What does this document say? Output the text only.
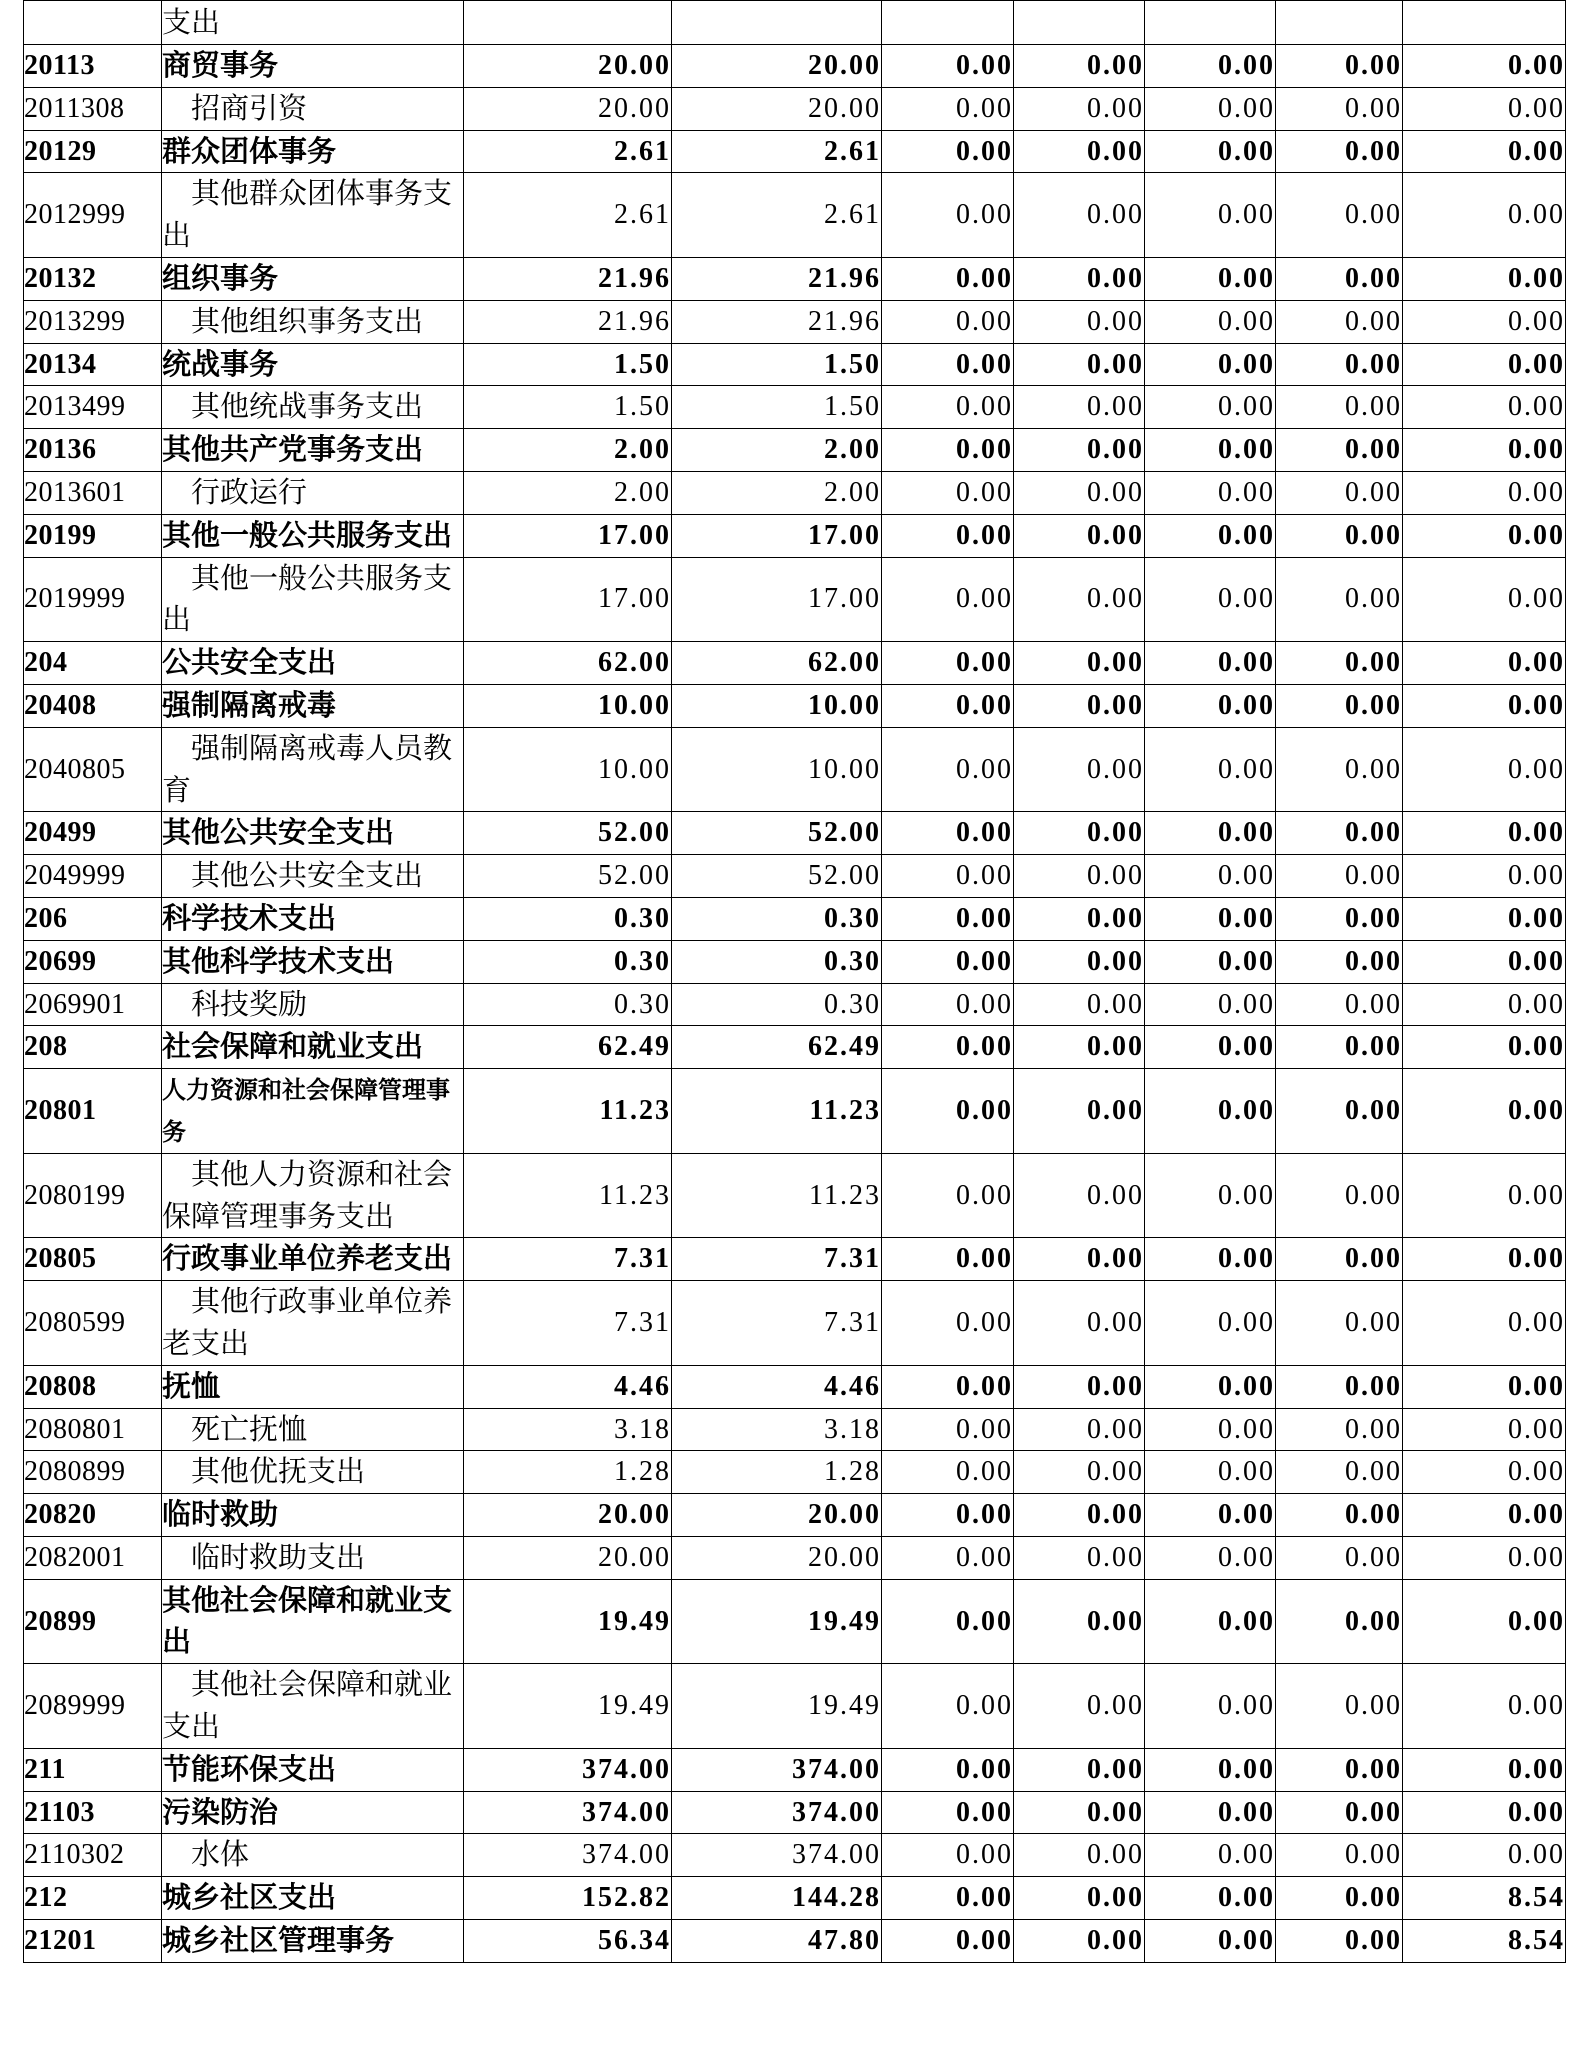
	支出							

20113	商贸事务	20.00	20.00	0.00	0.00	0.00	0.00	0.00
2011308	招商引资	20.00	20.00	0.00	0.00	0.00	0.00	0.00
20129	群众团体事务	2.61	2.61	0.00	0.00	0.00	0.00	0.00
2012999	其他群众团体事务支出	2.61	2.61	0.00	0.00	0.00	0.00	0.00
20132	组织事务	21.96	21.96	0.00	0.00	0.00	0.00	0.00
2013299	其他组织事务支出	21.96	21.96	0.00	0.00	0.00	0.00	0.00
20134	统战事务	1.50	1.50	0.00	0.00	0.00	0.00	0.00
2013499	其他统战事务支出	1.50	1.50	0.00	0.00	0.00	0.00	0.00
20136	其他共产党事务支出	2.00	2.00	0.00	0.00	0.00	0.00	0.00
2013601	行政运行	2.00	2.00	0.00	0.00	0.00	0.00	0.00
20199	其他一般公共服务支出	17.00	17.00	0.00	0.00	0.00	0.00	0.00
2019999	其他一般公共服务支出	17.00	17.00	0.00	0.00	0.00	0.00	0.00
204	公共安全支出	62.00	62.00	0.00	0.00	0.00	0.00	0.00
20408	强制隔离戒毒	10.00	10.00	0.00	0.00	0.00	0.00	0.00
2040805	强制隔离戒毒人员教育	10.00	10.00	0.00	0.00	0.00	0.00	0.00
20499	其他公共安全支出	52.00	52.00	0.00	0.00	0.00	0.00	0.00
2049999	其他公共安全支出	52.00	52.00	0.00	0.00	0.00	0.00	0.00
206	科学技术支出	0.30	0.30	0.00	0.00	0.00	0.00	0.00
20699	其他科学技术支出	0.30	0.30	0.00	0.00	0.00	0.00	0.00
2069901	科技奖励	0.30	0.30	0.00	0.00	0.00	0.00	0.00
208	社会保障和就业支出	62.49	62.49	0.00	0.00	0.00	0.00	0.00
20801	人力资源和社会保障管理事务	11.23	11.23	0.00	0.00	0.00	0.00	0.00
2080199	其他人力资源和社会保障管理事务支出	11.23	11.23	0.00	0.00	0.00	0.00	0.00
20805	行政事业单位养老支出	7.31	7.31	0.00	0.00	0.00	0.00	0.00
2080599	其他行政事业单位养老支出	7.31	7.31	0.00	0.00	0.00	0.00	0.00
20808	抚恤	4.46	4.46	0.00	0.00	0.00	0.00	0.00
2080801	死亡抚恤	3.18	3.18	0.00	0.00	0.00	0.00	0.00
2080899	其他优抚支出	1.28	1.28	0.00	0.00	0.00	0.00	0.00
20820	临时救助	20.00	20.00	0.00	0.00	0.00	0.00	0.00
2082001	临时救助支出	20.00	20.00	0.00	0.00	0.00	0.00	0.00
20899	其他社会保障和就业支出	19.49	19.49	0.00	0.00	0.00	0.00	0.00
2089999	其他社会保障和就业支出	19.49	19.49	0.00	0.00	0.00	0.00	0.00
211	节能环保支出	374.00	374.00	0.00	0.00	0.00	0.00	0.00
21103	污染防治	374.00	374.00	0.00	0.00	0.00	0.00	0.00
2110302	水体	374.00	374.00	0.00	0.00	0.00	0.00	0.00
212	城乡社区支出	152.82	144.28	0.00	0.00	0.00	0.00	8.54
21201	城乡社区管理事务	56.34	47.80	0.00	0.00	0.00	0.00	8.54
